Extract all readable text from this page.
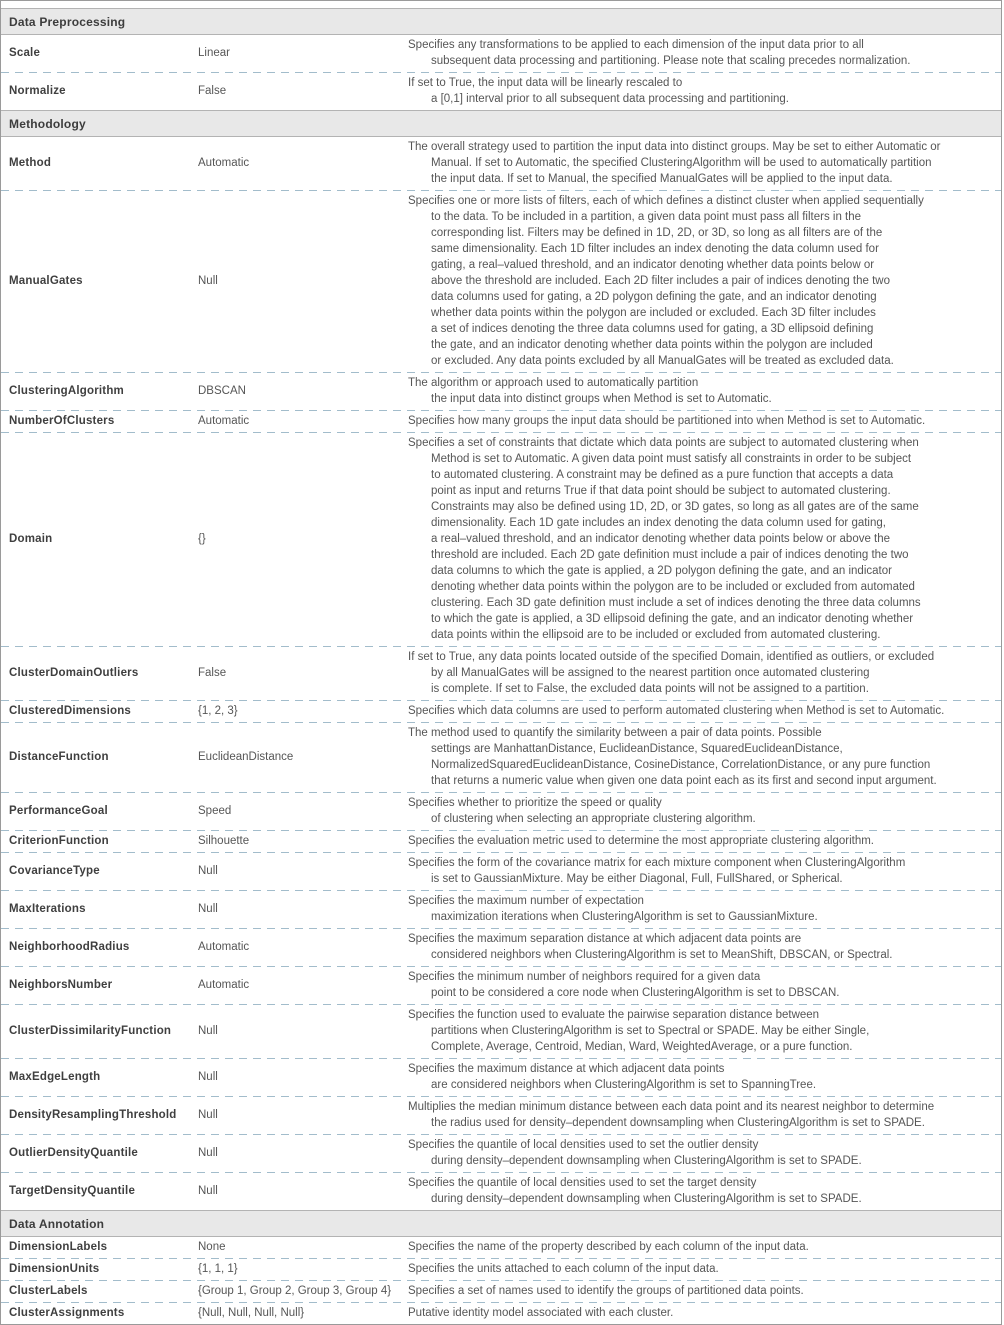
Data Preprocessing
Scale	Linear
Specifies any transformations to be applied to each dimension of the input data prior to all
subsequent data processing and partitioning. Please note that scaling precedes normalization.
Normalize	False
If set to True, the input data will be linearly rescaled to
a [0,1] interval prior to all subsequent data processing and partitioning.
Methodology
Method	Automatic
The overall strategy used to partition the input data into distinct groups. May be set to either Automatic or
Manual. If set to Automatic, the specified ClusteringAlgorithm will be used to automatically partition
the input data. If set to Manual, the specified ManualGates will be applied to the input data.
ManualGates	Null
Specifies one or more lists of filters, each of which defines a distinct cluster when applied sequentially
to the data. To be included in a partition, a given data point must pass all filters in the
corresponding list. Filters may be defined in 1D, 2D, or 3D, so long as all filters are of the
same dimensionality. Each 1D filter includes an index denoting the data column used for
gating, a real–valued threshold, and an indicator denoting whether data points below or
above the threshold are included. Each 2D filter includes a pair of indices denoting the two
data columns used for gating, a 2D polygon defining the gate, and an indicator denoting
whether data points within the polygon are included or excluded. Each 3D filter includes
a set of indices denoting the three data columns used for gating, a 3D ellipsoid defining
the gate, and an indicator denoting whether data points within the polygon are included
or excluded. Any data points excluded by all ManualGates will be treated as excluded data.
ClusteringAlgorithm	DBSCAN
The algorithm or approach used to automatically partition
the input data into distinct groups when Method is set to Automatic.
NumberOfClusters	Automatic	Specifies how many groups the input data should be partitioned into when Method is set to Automatic.
Domain	{}
Specifies a set of constraints that dictate which data points are subject to automated clustering when
Method is set to Automatic. A given data point must satisfy all constraints in order to be subject
to automated clustering. A constraint may be defined as a pure function that accepts a data
point as input and returns True if that data point should be subject to automated clustering.
Constraints may also be defined using 1D, 2D, or 3D gates, so long as all gates are of the same
dimensionality. Each 1D gate includes an index denoting the data column used for gating,
a real–valued threshold, and an indicator denoting whether data points below or above the
threshold are included. Each 2D gate definition must include a pair of indices denoting the two
data columns to which the gate is applied, a 2D polygon defining the gate, and an indicator
denoting whether data points within the polygon are to be included or excluded from automated
clustering. Each 3D gate definition must include a set of indices denoting the three data columns
to which the gate is applied, a 3D ellipsoid defining the gate, and an indicator denoting whether
data points within the ellipsoid are to be included or excluded from automated clustering.
ClusterDomainOutliers	False
If set to True, any data points located outside of the specified Domain, identified as outliers, or excluded
by all ManualGates will be assigned to the nearest partition once automated clustering
is complete. If set to False, the excluded data points will not be assigned to a partition.
ClusteredDimensions	{1, 2, 3}	Specifies which data columns are used to perform automated clustering when Method is set to Automatic.
DistanceFunction	EuclideanDistance
The method used to quantify the similarity between a pair of data points. Possible
settings are ManhattanDistance, EuclideanDistance, SquaredEuclideanDistance,
NormalizedSquaredEuclideanDistance, CosineDistance, CorrelationDistance, or any pure function
that returns a numeric value when given one data point each as its first and second input argument.
PerformanceGoal	Speed
Specifies whether to prioritize the speed or quality
of clustering when selecting an appropriate clustering algorithm.
CriterionFunction	Silhouette	Specifies the evaluation metric used to determine the most appropriate clustering algorithm.
CovarianceType	Null
Specifies the form of the covariance matrix for each mixture component when ClusteringAlgorithm
is set to GaussianMixture. May be either Diagonal, Full, FullShared, or Spherical.
MaxIterations	Null
Specifies the maximum number of expectation
maximization iterations when ClusteringAlgorithm is set to GaussianMixture.
NeighborhoodRadius	Automatic
Specifies the maximum separation distance at which adjacent data points are
considered neighbors when ClusteringAlgorithm is set to MeanShift, DBSCAN, or Spectral.
NeighborsNumber	Automatic
Specifies the minimum number of neighbors required for a given data
point to be considered a core node when ClusteringAlgorithm is set to DBSCAN.
ClusterDissimilarityFunction	Null
Specifies the function used to evaluate the pairwise separation distance between
partitions when ClusteringAlgorithm is set to Spectral or SPADE. May be either Single,
Complete, Average, Centroid, Median, Ward, WeightedAverage, or a pure function.
MaxEdgeLength	Null
Specifies the maximum distance at which adjacent data points
are considered neighbors when ClusteringAlgorithm is set to SpanningTree.
DensityResamplingThreshold	Null
Multiplies the median minimum distance between each data point and its nearest neighbor to determine
the radius used for density–dependent downsampling when ClusteringAlgorithm is set to SPADE.
OutlierDensityQuantile	Null
Specifies the quantile of local densities used to set the outlier density
during density–dependent downsampling when ClusteringAlgorithm is set to SPADE.
TargetDensityQuantile	Null
Specifies the quantile of local densities used to set the target density
during density–dependent downsampling when ClusteringAlgorithm is set to SPADE.
Data Annotation
DimensionLabels	None	Specifies the name of the property described by each column of the input data.
DimensionUnits	{1, 1, 1}	Specifies the units attached to each column of the input data.
ClusterLabels	{Group 1, Group 2, Group 3, Group 4}	Specifies a set of names used to identify the groups of partitioned data points.
ClusterAssignments	{Null, Null, Null, Null}	Putative identity model associated with each cluster.
